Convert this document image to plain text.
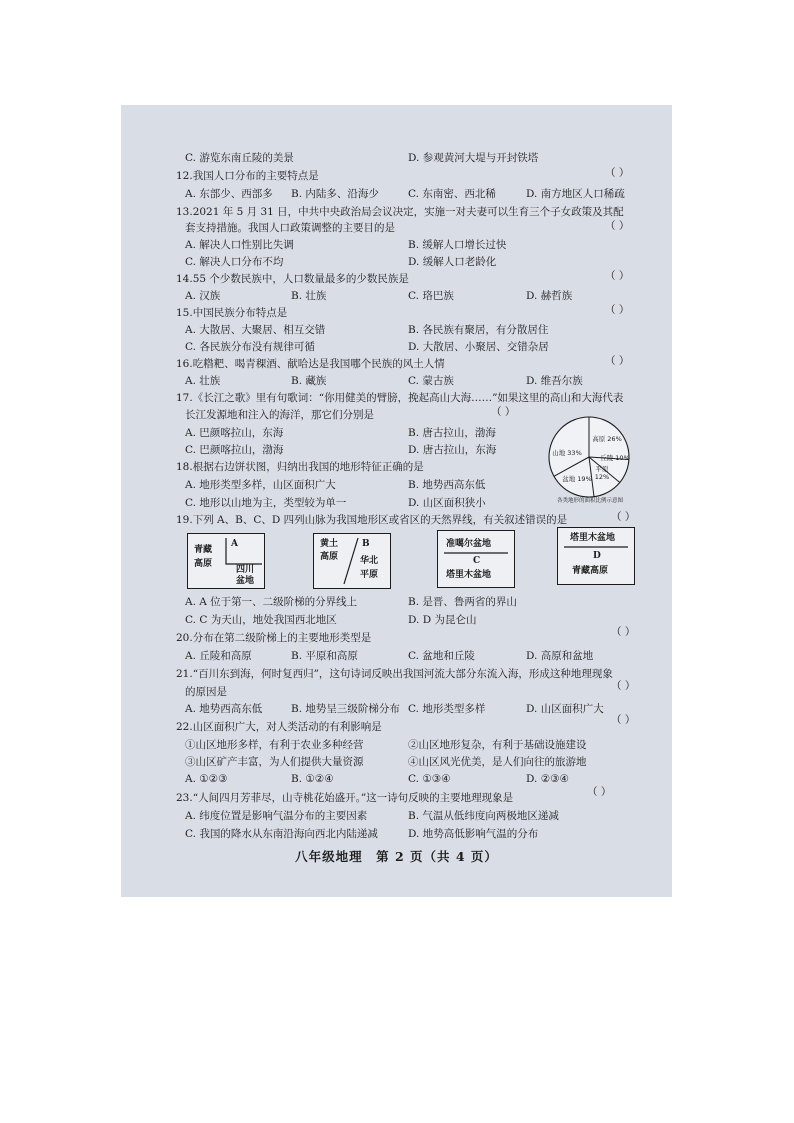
C. 游览东南丘陵的美景	D. 参观黄河大堤与开封铁塔
12.我国人口分布的主要特点是	（ ）
A. 东部少、西部多 B. 内陆多、沿海少	C. 东南密、西北稀	D. 南方地区人口稀疏
13.2021 年 5 月 31 日，中共中央政治局会议决定，实施一对夫妻可以生育三个子女政策及其配
套支持措施。我国人口政策调整的主要目的是	（ ）
A. 解决人口性别比失调	B. 缓解人口增长过快
C. 解决人口分布不均	D. 缓解人口老龄化
14.55 个少数民族中，人口数量最多的少数民族是	（ ）
A. 汉族	B. 壮族	C. 珞巴族	D. 赫哲族
15.中国民族分布特点是	（ ）
A. 大散居、大聚居、相互交错	B. 各民族有聚居，有分散居住
C. 各民族分布没有规律可循	D. 大散居、小聚居、交错杂居
16.吃糌粑、喝青稞酒、献哈达是我国哪个民族的风土人情	（ ）
A. 壮族	B. 藏族	C. 蒙古族	D. 维吾尔族
17.《长江之歌》里有句歌词：“你用健美的臂膀，挽起高山大海……”如果这里的高山和大海代表
长江发源地和注入的海洋，那它们分别是	（ ）
A. 巴颜喀拉山，东海	B. 唐古拉山，渤海
C. 巴颜喀拉山，渤海	D. 唐古拉山，东海
高原 26%
丘陵 10%
平原 12%
盆地 19%
山地 33%
各类地形的面积比例示意图
18.根据右边饼状图，归纳出我国的地形特征正确的是
A. 地形类型多样，山区面积广大	B. 地势西高东低
C. 地形以山地为主，类型较为单一	D. 山区面积狭小
19.下列 A、B、C、D 四列山脉为我国地形区或省区的天然界线，有关叙述错误的是	（ ）
青藏
高原
A
四川
盆地
黄土
高原
B
华北
平原
准噶尔盆地
C
塔里木盆地
塔里木盆地
D
青藏高原
A. A 位于第一、二级阶梯的分界线上	B. 是晋、鲁两省的界山
C. C 为天山，地处我国西北地区	D. D 为昆仑山
20.分布在第二级阶梯上的主要地形类型是	（ ）
A. 丘陵和高原	B. 平原和高原	C. 盆地和丘陵	D. 高原和盆地
21.“百川东到海，何时复西归”，这句诗词反映出我国河流大部分东流入海，形成这种地理现象
的原因是	（ ）
A. 地势西高东低	B. 地势呈三级阶梯分布 C. 地形类型多样	D. 山区面积广大
22.山区面积广大，对人类活动的有利影响是
（ ）
①山区地形多样，有利于农业多种经营	②山区地形复杂，有利于基础设施建设
③山区矿产丰富，为人们提供大量资源	④山区风光优美，是人们向往的旅游地
A. ①②③	B. ①②④	C. ①③④	D. ②③④
23.“人间四月芳菲尽，山寺桃花始盛开。”这一诗句反映的主要地理现象是	（ ）
A. 纬度位置是影响气温分布的主要因素	B. 气温从低纬度向两极地区递减
C. 我国的降水从东南沿海向西北内陆递减	D. 地势高低影响气温的分布
八年级地理　第 2 页（共 4 页）
